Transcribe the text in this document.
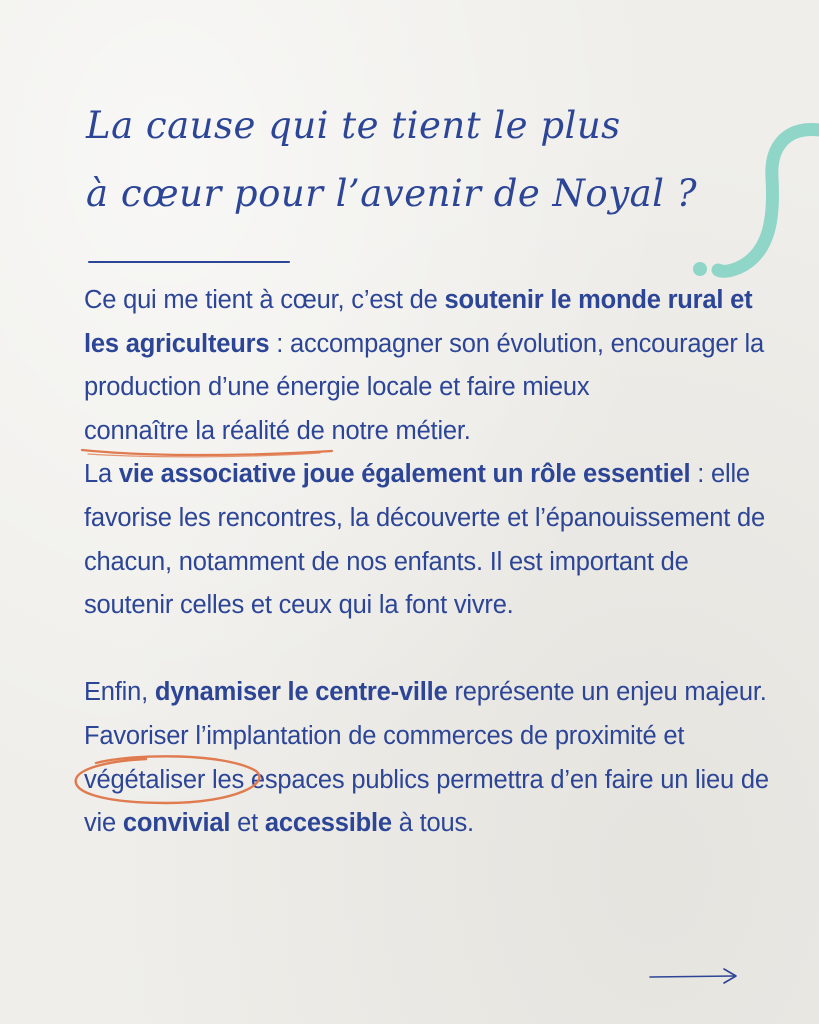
La cause qui te tient le plus
à cœur pour l’avenir de Noyal ?

Ce qui me tient à cœur, c’est de soutenir le monde rural et les agriculteurs : accompagner son évolution, encourager la production d’une énergie locale et faire mieux connaître la réalité
de notre métier.

La vie associative joue également un rôle essentiel : elle favorise les rencontres, la découverte et l’épanouissement de chacun, notamment de nos enfants. Il est important de soutenir celles et ceux qui la font vivre.

Enfin, dynamiser le centre-ville représente un enjeu majeur. Favoriser l’implantation de commerces de proximité et végétaliser
les espaces publics permettra d’en faire un lieu de vie convivial et accessible à tous.
